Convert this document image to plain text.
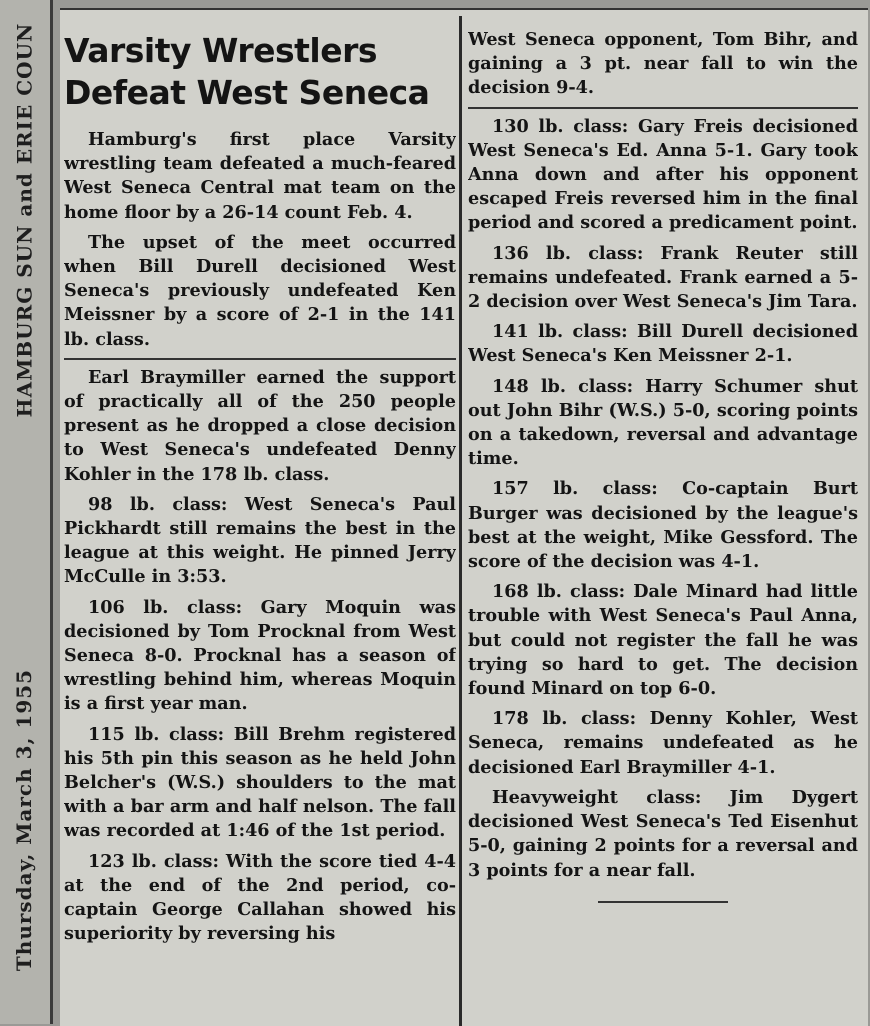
HAMBURG SUN and ERIE COUN
Thursday, March 3, 1955
Varsity Wrestlers
Defeat West Seneca

Hamburg's first place Varsity wrestling team defeated a much-feared West Seneca Central mat team on the home floor by a 26-14 count Feb. 4.

The upset of the meet occurred when Bill Durell decisioned West Seneca's previously undefeated Ken Meissner by a score of 2-1 in the 141 lb. class.

Earl Braymiller earned the support of practically all of the 250 people present as he dropped a close decision to West Seneca's undefeated Denny Kohler in the 178 lb. class.

98 lb. class: West Seneca's Paul Pickhardt still remains the best in the league at this weight. He pinned Jerry McCulle in 3:53.

106 lb. class: Gary Moquin was decisioned by Tom Procknal from West Seneca 8-0. Procknal has a season of wrestling behind him, whereas Moquin is a first year man.

115 lb. class: Bill Brehm registered his 5th pin this season as he held John Belcher's (W.S.) shoulders to the mat with a bar arm and half nelson. The fall was recorded at 1:46 of the 1st period.

123 lb. class: With the score tied 4-4 at the end of the 2nd period, co-captain George Callahan showed his superiority by reversing his

West Seneca opponent, Tom Bihr, and gaining a 3 pt. near fall to win the decision 9-4.

130 lb. class: Gary Freis decisioned West Seneca's Ed. Anna 5-1. Gary took Anna down and after his opponent escaped Freis reversed him in the final period and scored a predicament point.

136 lb. class: Frank Reuter still remains undefeated. Frank earned a 5-2 decision over West Seneca's Jim Tara.

141 lb. class: Bill Durell decisioned West Seneca's Ken Meissner 2-1.

148 lb. class: Harry Schumer shut out John Bihr (W.S.) 5-0, scoring points on a takedown, reversal and advantage time.

157 lb. class: Co-captain Burt Burger was decisioned by the league's best at the weight, Mike Gessford. The score of the decision was 4-1.

168 lb. class: Dale Minard had little trouble with West Seneca's Paul Anna, but could not register the fall he was trying so hard to get. The decision found Minard on top 6-0.

178 lb. class: Denny Kohler, West Seneca, remains undefeated as he decisioned Earl Braymiller 4-1.

Heavyweight class: Jim Dygert decisioned West Seneca's Ted Eisenhut 5-0, gaining 2 points for a reversal and 3 points for a near fall.
